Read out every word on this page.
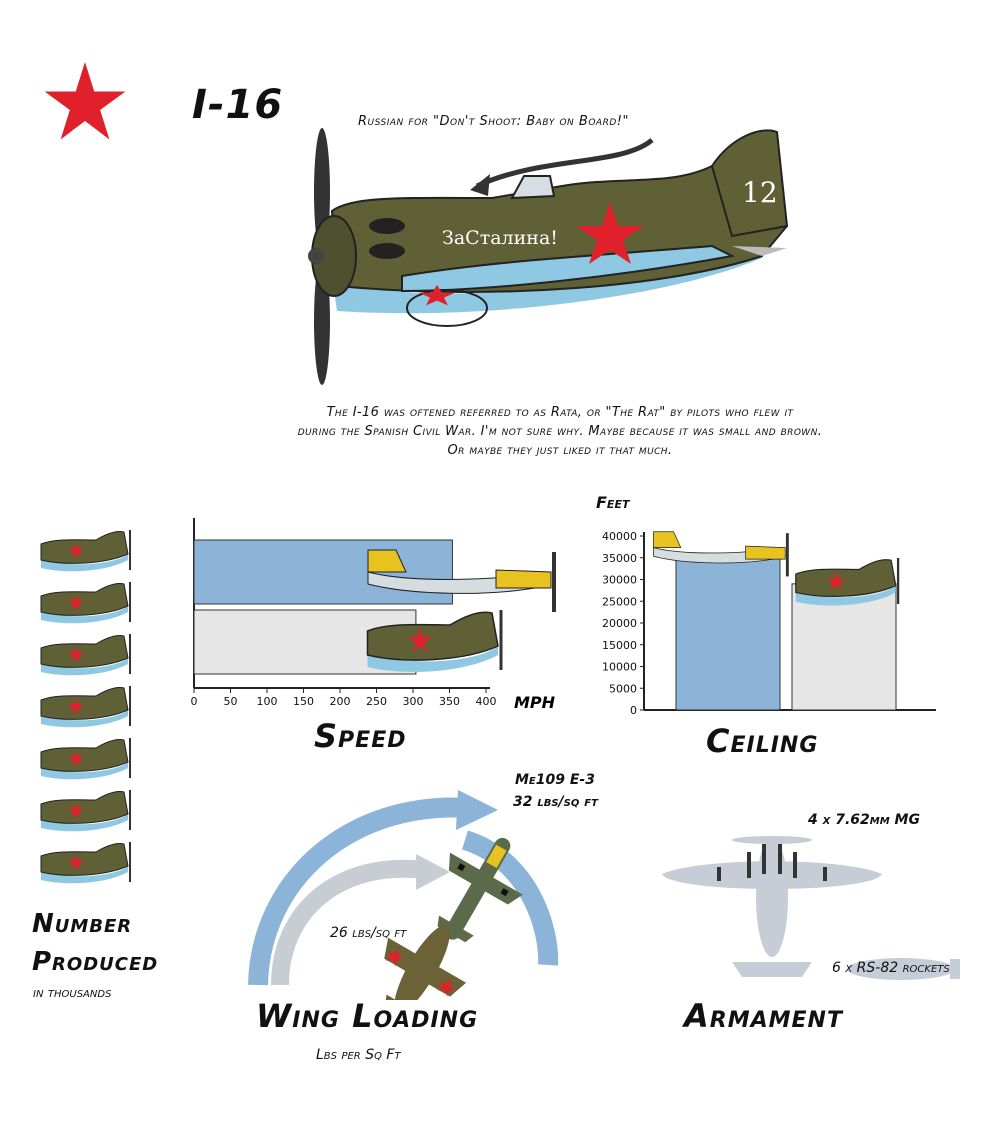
I-16	Russian for "Don't Shoot: Baby on Board!"
ЗаСталина!
12
The I-16 was oftened referred to as Rata, or "The Rat" by pilots who flew it
during the Spanish Civil War. I'm not sure why. Maybe because it was small and brown.
Or maybe they just liked it that much.
Number
Produced
in thousands
0 50 100 150 200 250 300 350 400 MPH
Speed
Feet
0
5000
10000
15000
20000
25000
30000
35000
40000
Ceiling
Me109 E-3
32 lbs/sq ft
26 lbs/sq ft
Wing Loading
Lbs per Sq Ft
4 x 7.62mm MG
6 x RS-82 rockets
Armament
